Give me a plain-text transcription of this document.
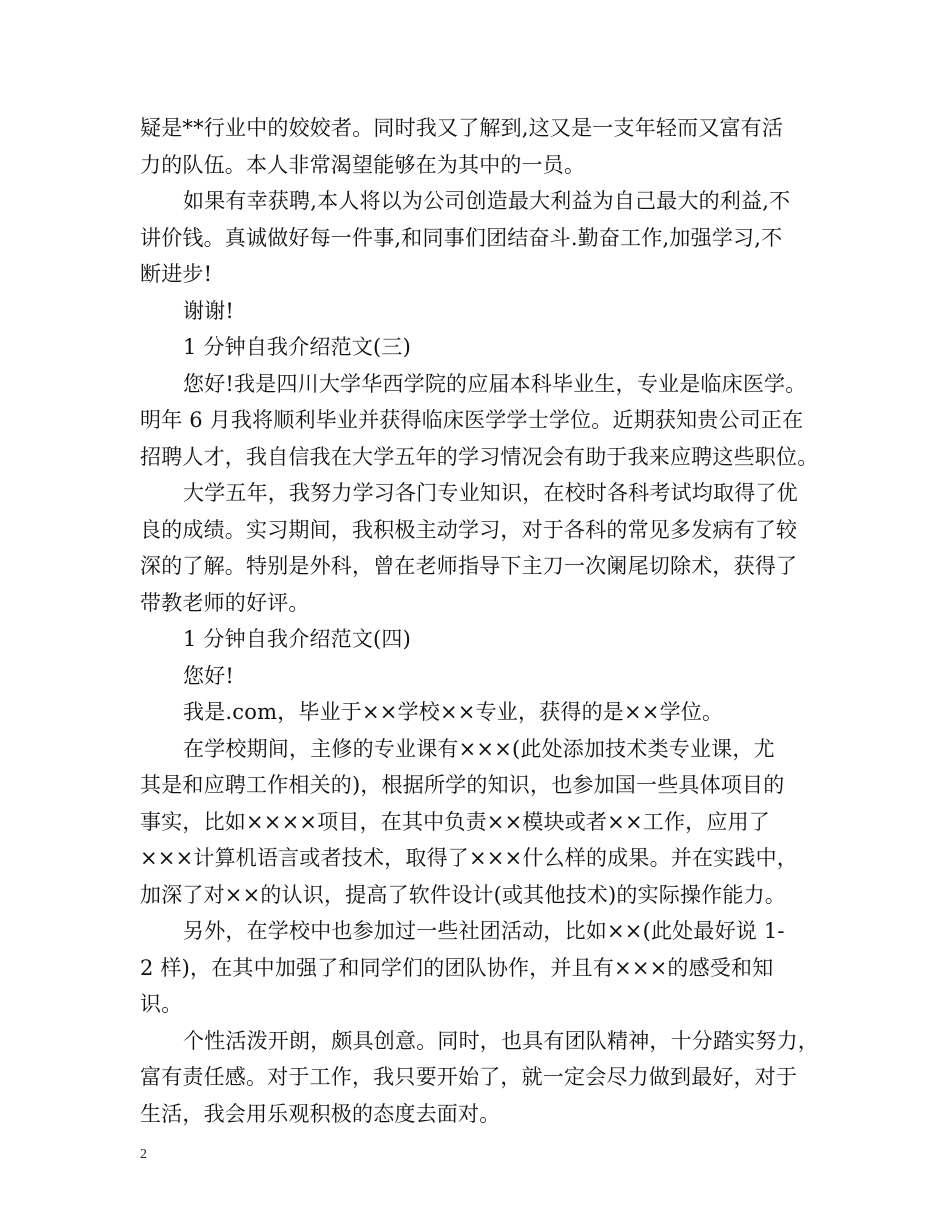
疑是**行业中的姣姣者。同时我又了解到,这又是一支年轻而又富有活
力的队伍。本人非常渴望能够在为其中的一员。

如果有幸获聘,本人将以为公司创造最大利益为自己最大的利益,不
讲价钱。真诚做好每一件事,和同事们团结奋斗.勤奋工作,加强学习,不
断进步!

谢谢!

1 分钟自我介绍范文(三)

您好!我是四川大学华西学院的应届本科毕业生，专业是临床医学。
明年 6 月我将顺利毕业并获得临床医学学士学位。近期获知贵公司正在
招聘人才，我自信我在大学五年的学习情况会有助于我来应聘这些职位。

大学五年，我努力学习各门专业知识，在校时各科考试均取得了优
良的成绩。实习期间，我积极主动学习，对于各科的常见多发病有了较
深的了解。特别是外科，曾在老师指导下主刀一次阑尾切除术，获得了
带教老师的好评。

1 分钟自我介绍范文(四)

您好!

我是.com，毕业于××学校××专业，获得的是××学位。

在学校期间，主修的专业课有×××(此处添加技术类专业课，尤
其是和应聘工作相关的)，根据所学的知识，也参加国一些具体项目的
事实，比如××××项目，在其中负责××模块或者××工作，应用了
×××计算机语言或者技术，取得了×××什么样的成果。并在实践中，
加深了对××的认识，提高了软件设计(或其他技术)的实际操作能力。

另外，在学校中也参加过一些社团活动，比如××(此处最好说 1-
2 样)，在其中加强了和同学们的团队协作，并且有×××的感受和知
识。

个性活泼开朗，颇具创意。同时，也具有团队精神，十分踏实努力，
富有责任感。对于工作，我只要开始了，就一定会尽力做到最好，对于
生活，我会用乐观积极的态度去面对。

2
